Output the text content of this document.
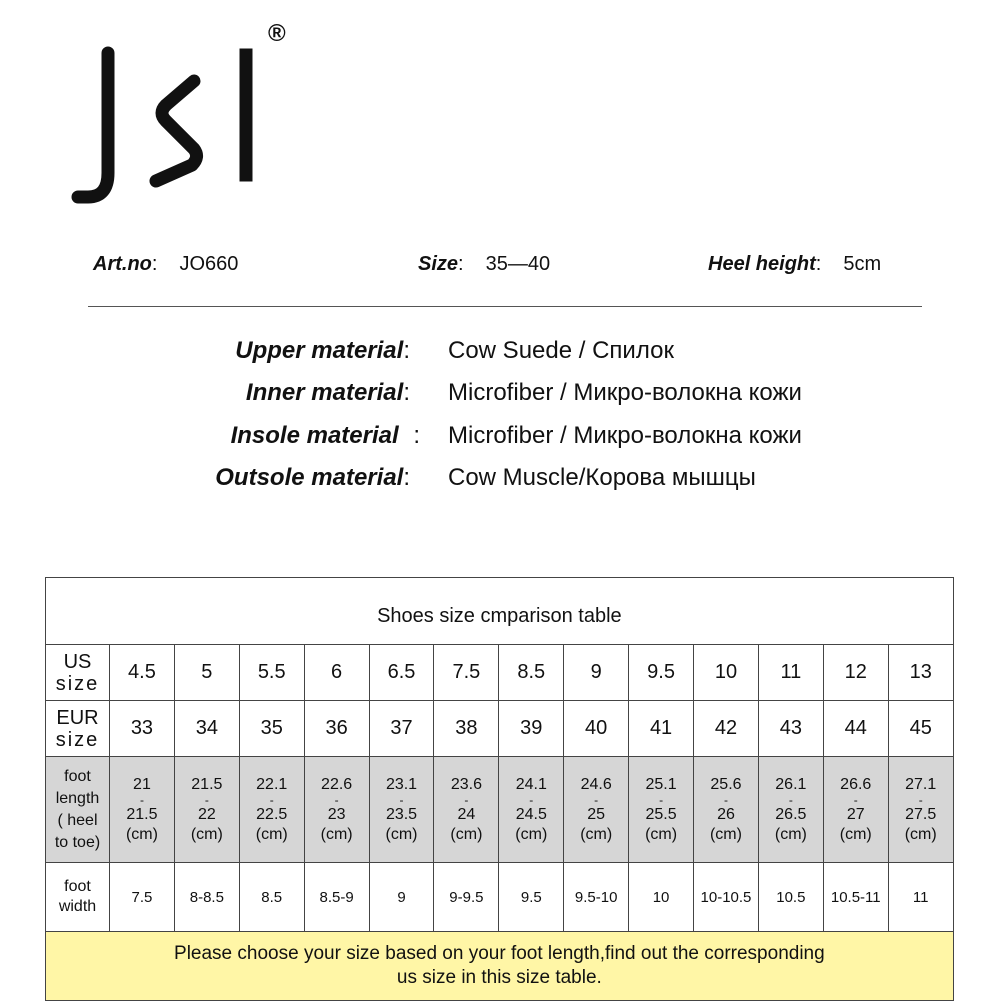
®
Art.no : JO660	Size : 35—40	Heel height : 5cm
Upper material: Cow Suede / Спилок
Inner material: Microfiber / Микро-волокна кожи
Insole material : Microfiber / Микро-волокна кожи
Outsole material: Cow Muscle/Корова мышцы
Shoes size cmparison table													
US
size	4.5	5	5.5	6	6.5	7.5	8.5	9	9.5	10	11	12	13
EUR
size	33	34	35	36	37	38	39	40	41	42	43	44	45
foot
length
( heel
to toe)	21
-
21.5
(cm)	21.5
-
22
(cm)	22.1
-
22.5
(cm)	22.6
-
23
(cm)	23.1
-
23.5
(cm)	23.6
-
24
(cm)	24.1
-
24.5
(cm)	24.6
-
25
(cm)	25.1
-
25.5
(cm)	25.6
-
26
(cm)	26.1
-
26.5
(cm)	26.6
-
27
(cm)	27.1
-
27.5
(cm)

foot
width	7.5	8-8.5	8.5	8.5-9	9	9-9.5	9.5	9.5-10	10	10-10.5	10.5	10.5-11	11
Please choose your size based on your foot length,find out the corresponding
us size in this size table.													
